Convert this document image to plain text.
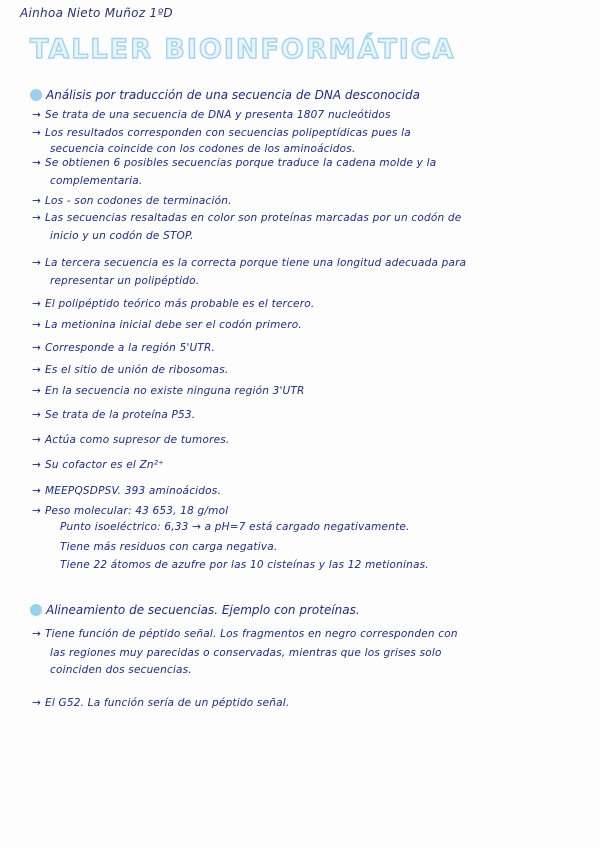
Ainhoa Nieto Muñoz 1ºD
TALLER BIOINFORMÁTICA
Análisis por traducción de una secuencia de DNA desconocida
→ Se trata de una secuencia de DNA y presenta 1807 nucleótidos
→ Los resultados corresponden con secuencias polipeptídicas pues la
secuencia coincide con los codones de los aminoácidos.
→ Se obtienen 6 posibles secuencias porque traduce la cadena molde y la
complementaria.
→ Los - son codones de terminación.
→ Las secuencias resaltadas en color son proteínas marcadas por un codón de
inicio y un codón de STOP.
→ La tercera secuencia es la correcta porque tiene una longitud adecuada para
representar un polipéptido.
→ El polipéptido teórico más probable es el tercero.
→ La metionina inicial debe ser el codón primero.
→ Corresponde a la región 5'UTR.
→ Es el sitio de unión de ribosomas.
→ En la secuencia no existe ninguna región 3'UTR
→ Se trata de la proteína P53.
→ Actúa como supresor de tumores.
→ Su cofactor es el Zn²⁺
→ MEEPQSDPSV. 393 aminoácidos.
→ Peso molecular: 43 653, 18 g/mol
Punto isoeléctrico: 6,33 → a pH=7 está cargado negativamente.
Tiene más residuos con carga negativa.
Tiene 22 átomos de azufre por las 10 cisteínas y las 12 metioninas.
Alineamiento de secuencias. Ejemplo con proteínas.
→ Tiene función de péptido señal. Los fragmentos en negro corresponden con
las regiones muy parecidas o conservadas, mientras que los grises solo
coinciden dos secuencias.
→ El G52. La función sería de un péptido señal.
